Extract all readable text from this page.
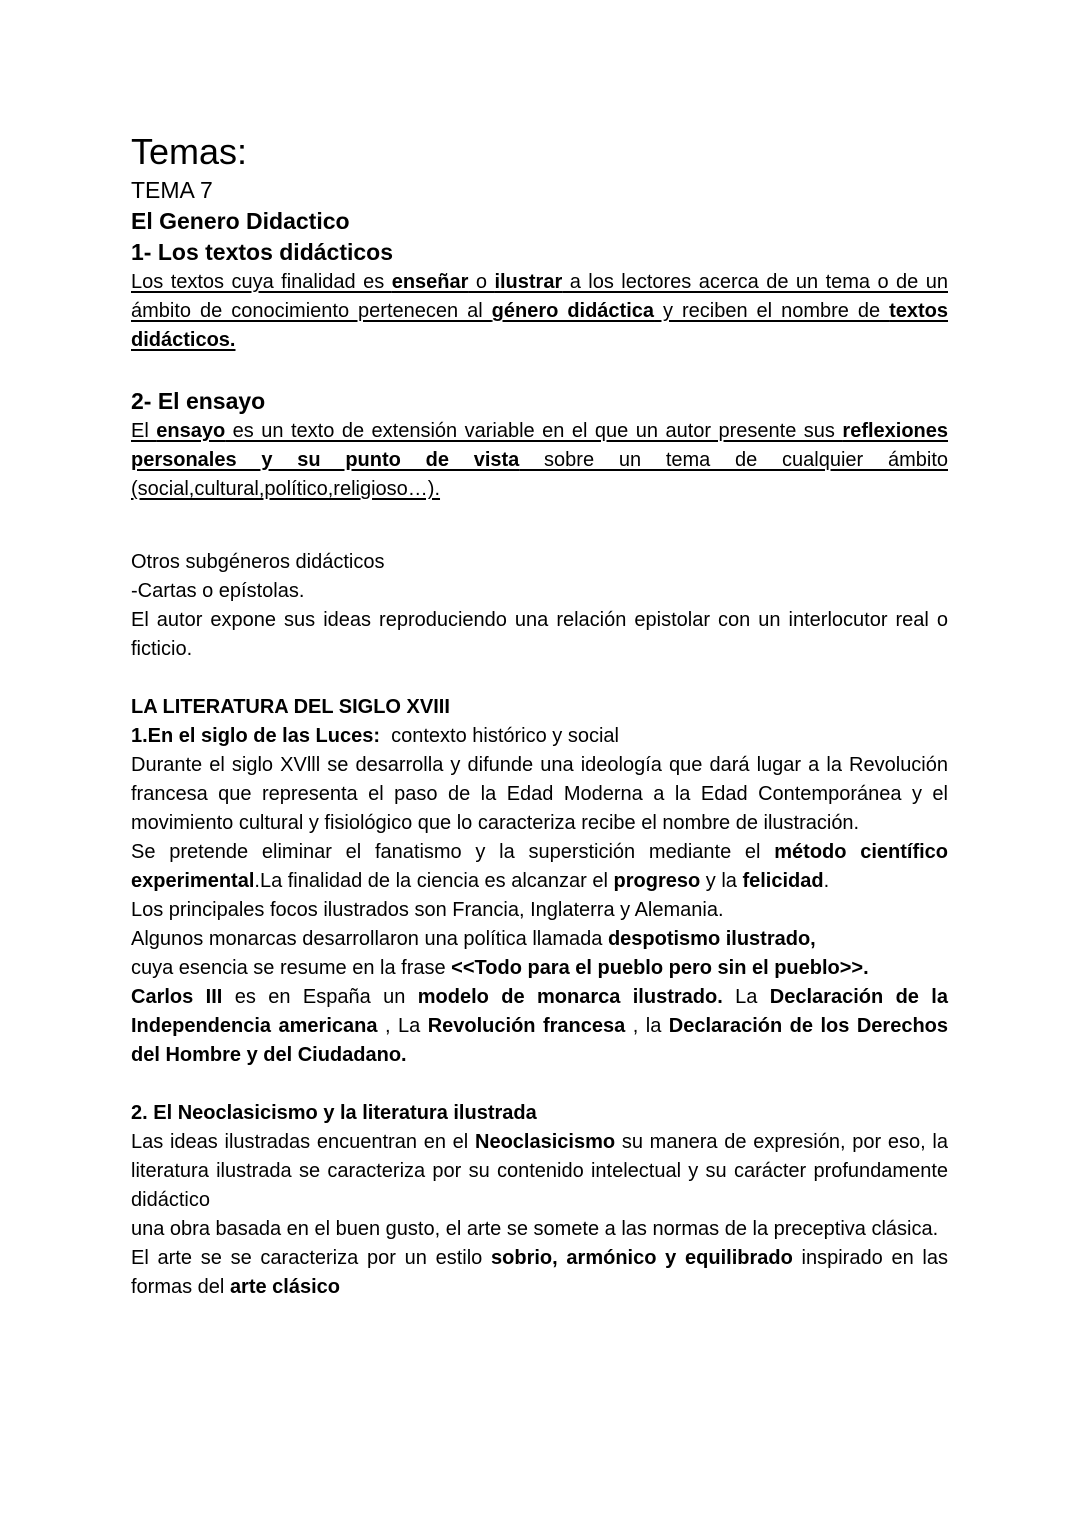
Temas:

TEMA 7

El Genero Didactico

1- Los textos didácticos

Los textos cuya finalidad es enseñar o ilustrar a los lectores acerca de un tema o de un ámbito de conocimiento pertenecen al género didáctica y reciben el nombre de textos didácticos.

2- El ensayo

El ensayo es un texto de extensión variable en el que un autor presente sus reflexiones personales y su punto de vista sobre un tema de cualquier ámbito (social,cultural,político,religioso…).

Otros subgéneros didácticos

-Cartas o epístolas.

El autor expone sus ideas reproduciendo una relación epistolar con un interlocutor real o ficticio.

LA LITERATURA DEL SIGLO XVIII

1.En el siglo de las Luces:  contexto histórico y social

Durante el siglo XVlll se desarrolla y difunde una ideología que dará lugar a la Revolución francesa que representa el paso de la Edad Moderna a la Edad Contemporánea y el movimiento cultural y fisiológico que lo caracteriza recibe el nombre de ilustración.

Se pretende eliminar el fanatismo y la superstición mediante el método científico experimental.La finalidad de la ciencia es alcanzar el progreso y la felicidad.

Los principales focos ilustrados son Francia, Inglaterra y Alemania.

Algunos monarcas desarrollaron una política llamada despotismo ilustrado,

cuya esencia se resume en la frase <<Todo para el pueblo pero sin el pueblo>>.

Carlos III es en España un modelo de monarca ilustrado. La Declaración de la Independencia americana , La Revolución francesa , la Declaración de los Derechos del Hombre y del Ciudadano.

2. El Neoclasicismo y la literatura ilustrada

Las ideas ilustradas encuentran en el Neoclasicismo su manera de expresión, por eso, la literatura ilustrada se caracteriza por su contenido intelectual y su carácter profundamente didáctico

una obra basada en el buen gusto, el arte se somete a las normas de la preceptiva clásica.

El arte se se caracteriza por un estilo sobrio, armónico y equilibrado inspirado en las formas del arte clásico
